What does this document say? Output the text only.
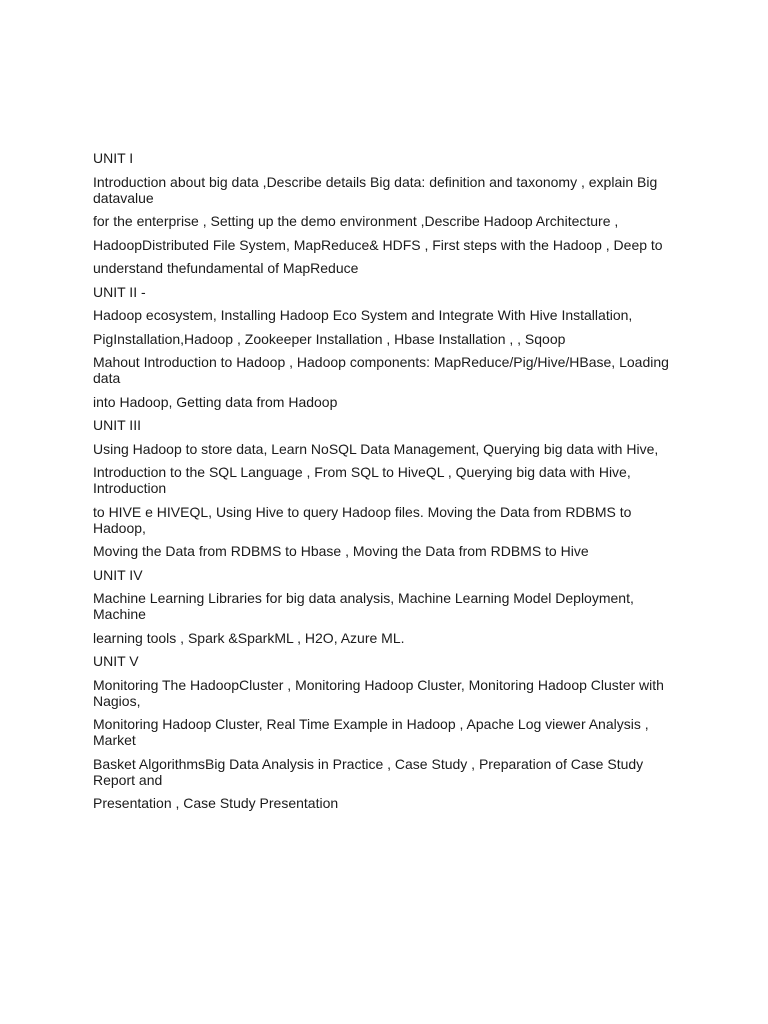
UNIT I
Introduction about big data ,Describe details Big data: definition and taxonomy , explain Big datavalue
for the enterprise , Setting up the demo environment ,Describe Hadoop Architecture ,
HadoopDistributed File System, MapReduce& HDFS , First steps with the Hadoop , Deep to
understand thefundamental of MapReduce
UNIT II -
Hadoop ecosystem, Installing Hadoop Eco System and Integrate With Hive Installation,
PigInstallation,Hadoop , Zookeeper Installation , Hbase Installation , , Sqoop
Mahout Introduction to Hadoop , Hadoop components: MapReduce/Pig/Hive/HBase, Loading data
into Hadoop, Getting data from Hadoop
UNIT III
Using Hadoop to store data, Learn NoSQL Data Management, Querying big data with Hive,
Introduction to the SQL Language , From SQL to HiveQL , Querying big data with Hive, Introduction
to HIVE e HIVEQL, Using Hive to query Hadoop files. Moving the Data from RDBMS to Hadoop,
Moving the Data from RDBMS to Hbase , Moving the Data from RDBMS to Hive
UNIT IV
Machine Learning Libraries for big data analysis, Machine Learning Model Deployment, Machine
learning tools , Spark &SparkML , H2O, Azure ML.
UNIT V
Monitoring The HadoopCluster , Monitoring Hadoop Cluster, Monitoring Hadoop Cluster with Nagios,
Monitoring Hadoop Cluster, Real Time Example in Hadoop , Apache Log viewer Analysis , Market
Basket AlgorithmsBig Data Analysis in Practice , Case Study , Preparation of Case Study Report and
Presentation , Case Study Presentation
